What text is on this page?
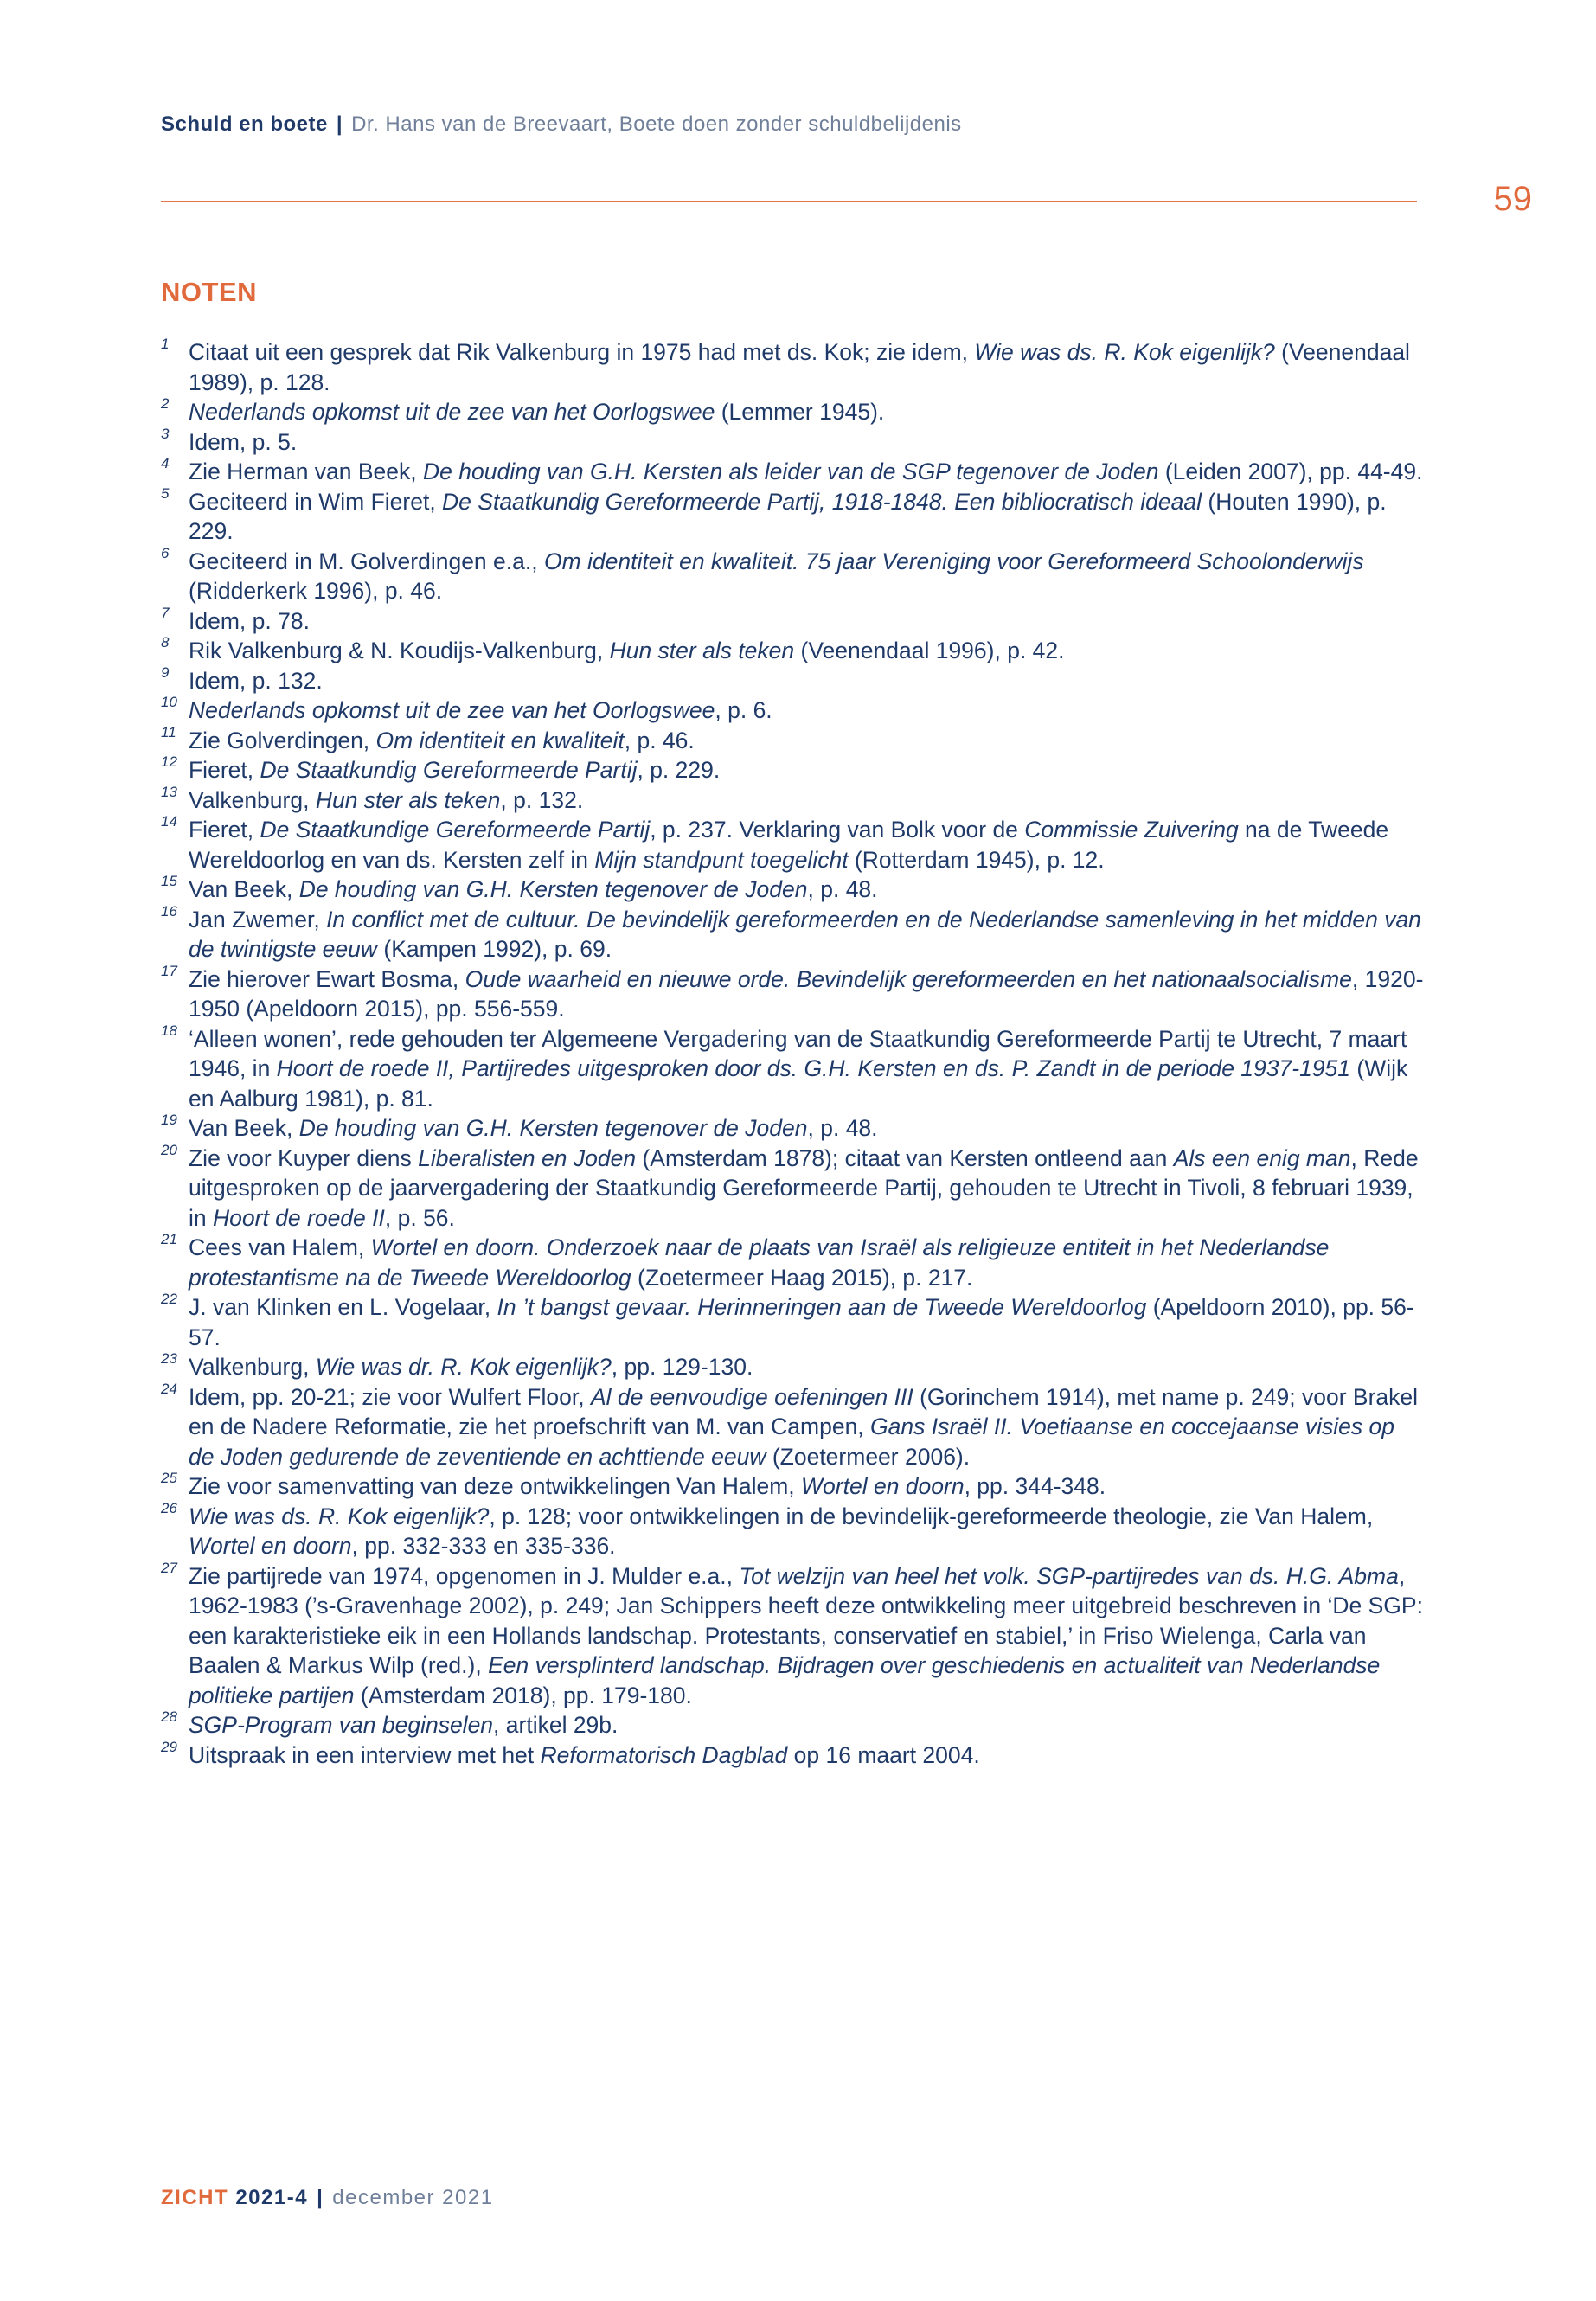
Schuld en boete | Dr. Hans van de Breevaart, Boete doen zonder schuldbelijdenis
59
NOTEN
1 Citaat uit een gesprek dat Rik Valkenburg in 1975 had met ds. Kok; zie idem, Wie was ds. R. Kok eigenlijk? (Veenendaal 1989), p. 128.
2 Nederlands opkomst uit de zee van het Oorlogswee (Lemmer 1945).
3 Idem, p. 5.
4 Zie Herman van Beek, De houding van G.H. Kersten als leider van de SGP tegenover de Joden (Leiden 2007), pp. 44-49.
5 Geciteerd in Wim Fieret, De Staatkundig Gereformeerde Partij, 1918-1848. Een bibliocratisch ideaal (Houten 1990), p. 229.
6 Geciteerd in M. Golverdingen e.a., Om identiteit en kwaliteit. 75 jaar Vereniging voor Gereformeerd Schoolonderwijs (Ridderkerk 1996), p. 46.
7 Idem, p. 78.
8 Rik Valkenburg & N. Koudijs-Valkenburg, Hun ster als teken (Veenendaal 1996), p. 42.
9 Idem, p. 132.
10 Nederlands opkomst uit de zee van het Oorlogswee, p. 6.
11 Zie Golverdingen, Om identiteit en kwaliteit, p. 46.
12 Fieret, De Staatkundig Gereformeerde Partij, p. 229.
13 Valkenburg, Hun ster als teken, p. 132.
14 Fieret, De Staatkundige Gereformeerde Partij, p. 237. Verklaring van Bolk voor de Commissie Zuivering na de Tweede Wereldoorlog en van ds. Kersten zelf in Mijn standpunt toegelicht (Rotterdam 1945), p. 12.
15 Van Beek, De houding van G.H. Kersten tegenover de Joden, p. 48.
16 Jan Zwemer, In conflict met de cultuur. De bevindelijk gereformeerden en de Nederlandse samenleving in het midden van de twintigste eeuw (Kampen 1992), p. 69.
17 Zie hierover Ewart Bosma, Oude waarheid en nieuwe orde. Bevindelijk gereformeerden en het nationaalsocialisme, 1920-1950 (Apeldoorn 2015), pp. 556-559.
18 ‘Alleen wonen’, rede gehouden ter Algemeene Vergadering van de Staatkundig Gereformeerde Partij te Utrecht, 7 maart 1946, in Hoort de roede II, Partijredes uitgesproken door ds. G.H. Kersten en ds. P. Zandt in de periode 1937-1951 (Wijk en Aalburg 1981), p. 81.
19 Van Beek, De houding van G.H. Kersten tegenover de Joden, p. 48.
20 Zie voor Kuyper diens Liberalisten en Joden (Amsterdam 1878); citaat van Kersten ontleend aan Als een enig man, Rede uitgesproken op de jaarvergadering der Staatkundig Gereformeerde Partij, gehouden te Utrecht in Tivoli, 8 februari 1939, in Hoort de roede II, p. 56.
21 Cees van Halem, Wortel en doorn. Onderzoek naar de plaats van Israël als religieuze entiteit in het Nederlandse protestantisme na de Tweede Wereldoorlog (Zoetermeer Haag 2015), p. 217.
22 J. van Klinken en L. Vogelaar, In ’t bangst gevaar. Herinneringen aan de Tweede Wereldoorlog (Apeldoorn 2010), pp. 56-57.
23 Valkenburg, Wie was dr. R. Kok eigenlijk?, pp. 129-130.
24 Idem, pp. 20-21; zie voor Wulfert Floor, Al de eenvoudige oefeningen III (Gorinchem 1914), met name p. 249; voor Brakel en de Nadere Reformatie, zie het proefschrift van M. van Campen, Gans Israël II. Voetiaanse en coccejaanse visies op de Joden gedurende de zeventiende en achttiende eeuw (Zoetermeer 2006).
25 Zie voor samenvatting van deze ontwikkelingen Van Halem, Wortel en doorn, pp. 344-348.
26 Wie was ds. R. Kok eigenlijk?, p. 128; voor ontwikkelingen in de bevindelijk-gereformeerde theologie, zie Van Halem, Wortel en doorn, pp. 332-333 en 335-336.
27 Zie partijrede van 1974, opgenomen in J. Mulder e.a., Tot welzijn van heel het volk. SGP-partijredes van ds. H.G. Abma, 1962-1983 (’s-Gravenhage 2002), p. 249; Jan Schippers heeft deze ontwikkeling meer uitgebreid beschreven in ‘De SGP: een karakteristieke eik in een Hollands landschap. Protestants, conservatief en stabiel,’ in Friso Wielenga, Carla van Baalen & Markus Wilp (red.), Een versplinterd landschap. Bijdragen over geschiedenis en actualiteit van Nederlandse politieke partijen (Amsterdam 2018), pp. 179-180.
28 SGP-Program van beginselen, artikel 29b.
29 Uitspraak in een interview met het Reformatorisch Dagblad op 16 maart 2004.
ZICHT 2021-4 | december 2021
